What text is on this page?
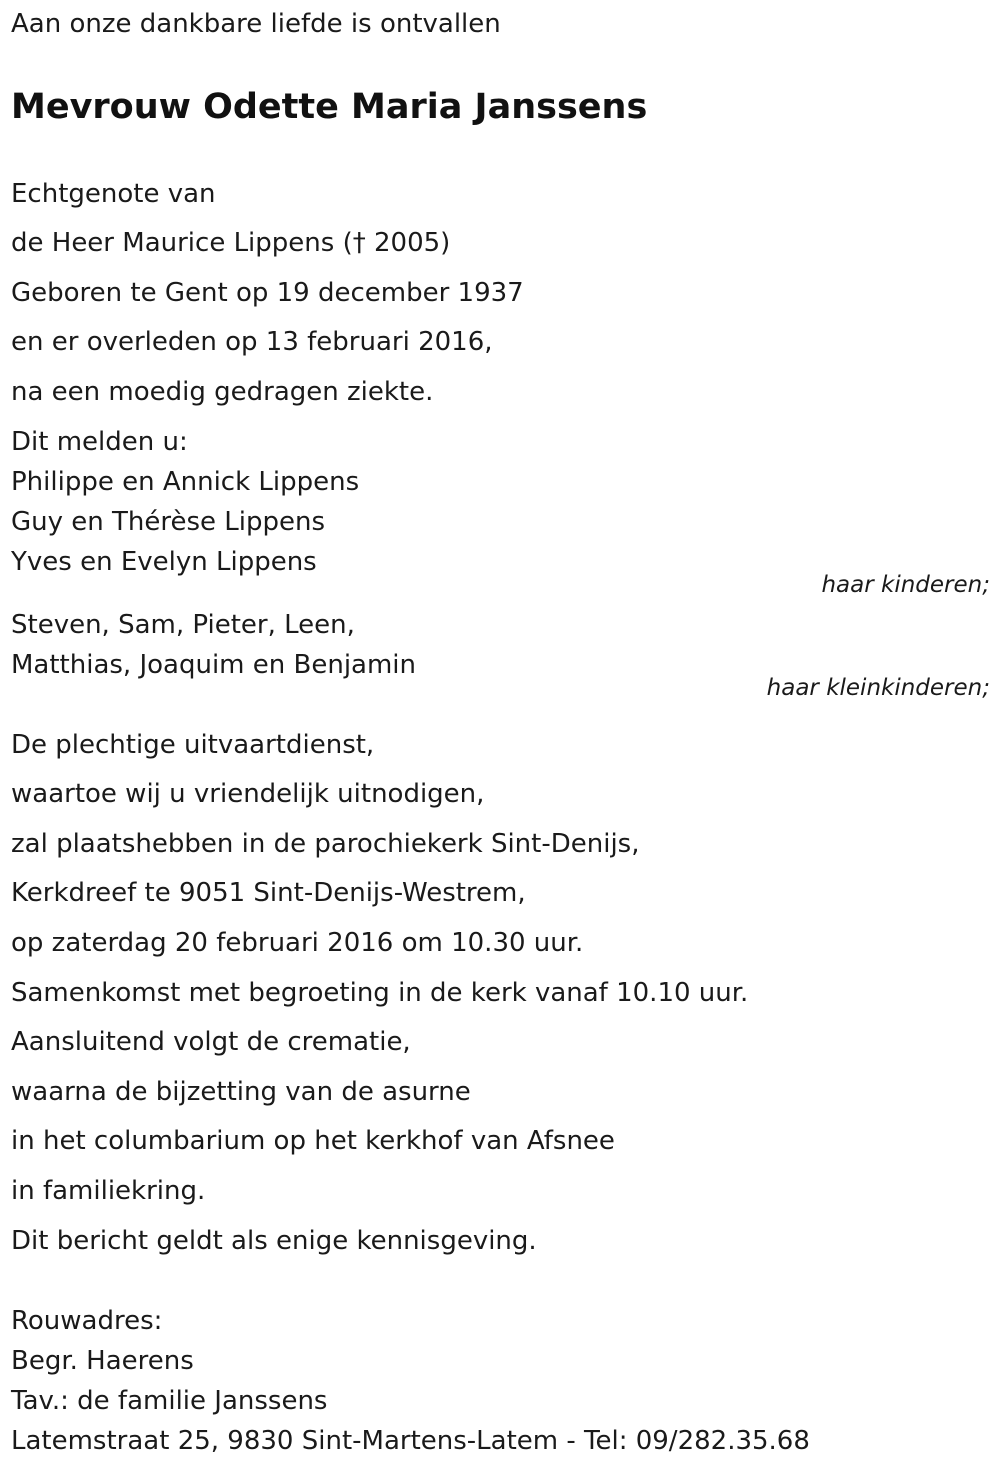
Aan onze dankbare liefde is ontvallen

Mevrouw Odette Maria Janssens

Echtgenote van

de Heer Maurice Lippens († 2005)

Geboren te Gent op 19 december 1937

en er overleden op 13 februari 2016,

na een moedig gedragen ziekte.

Dit melden u:

Philippe en Annick Lippens

Guy en Thérèse Lippens

Yves en Evelyn Lippens

haar kinderen;

Steven, Sam, Pieter, Leen,

Matthias, Joaquim en Benjamin

haar kleinkinderen;

De plechtige uitvaartdienst,

waartoe wij u vriendelijk uitnodigen,

zal plaatshebben in de parochiekerk Sint-Denijs,

Kerkdreef te 9051 Sint-Denijs-Westrem,

op zaterdag 20 februari 2016 om 10.30 uur.

Samenkomst met begroeting in de kerk vanaf 10.10 uur.

Aansluitend volgt de crematie,

waarna de bijzetting van de asurne

in het columbarium op het kerkhof van Afsnee

in familiekring.

Dit bericht geldt als enige kennisgeving.

Rouwadres:

Begr. Haerens

Tav.: de familie Janssens

Latemstraat 25, 9830 Sint-Martens-Latem - Tel: 09/282.35.68
